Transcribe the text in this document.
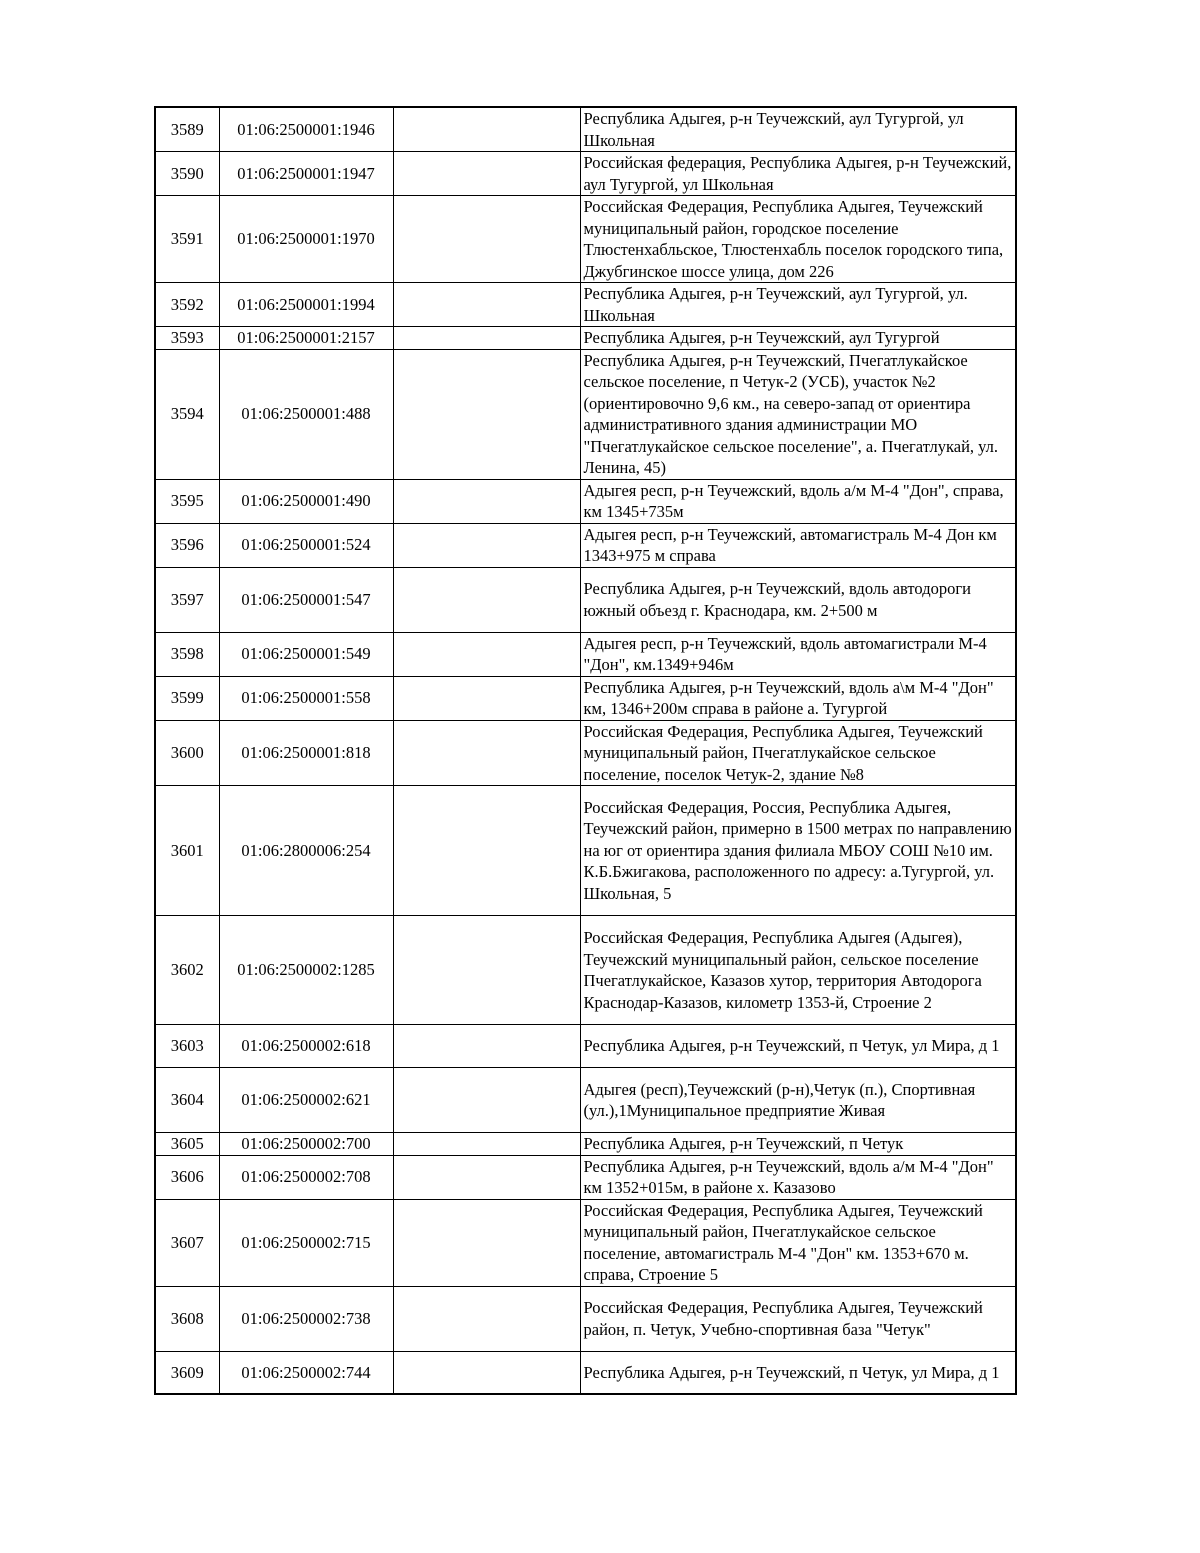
3589	01:06:2500001:1946		Республика Адыгея, р-н Теучежский, аул Тугургой, ул Школьная
3590	01:06:2500001:1947		Российская федерация, Республика Адыгея, р-н Теучежский, аул Тугургой, ул Школьная
3591	01:06:2500001:1970		Российская Федерация, Республика Адыгея, Теучежский муниципальный район, городское поселение Тлюстенхабльское, Тлюстенхабль поселок городского типа, Джубгинское шоссе улица, дом 226
3592	01:06:2500001:1994		Республика Адыгея, р-н Теучежский, аул Тугургой, ул. Школьная
3593	01:06:2500001:2157		Республика Адыгея, р-н Теучежский, аул Тугургой
3594	01:06:2500001:488		Республика Адыгея, р-н Теучежский, Пчегатлукайское сельское поселение, п Четук-2 (УСБ), участок №2 (ориентировочно 9,6 км., на северо-запад от ориентира административного здания администрации МО "Пчегатлукайское сельское поселение", а. Пчегатлукай, ул. Ленина, 45)
3595	01:06:2500001:490		Адыгея респ, р-н Теучежский, вдоль а/м М-4 "Дон", справа, км 1345+735м
3596	01:06:2500001:524		Адыгея респ, р-н Теучежский, автомагистраль М-4 Дон км 1343+975 м справа
3597	01:06:2500001:547		Республика Адыгея, р-н Теучежский, вдоль автодороги южный объезд г. Краснодара, км. 2+500 м
3598	01:06:2500001:549		Адыгея респ, р-н Теучежский, вдоль автомагистрали М-4 "Дон", км.1349+946м
3599	01:06:2500001:558		Республика Адыгея, р-н Теучежский, вдоль а\м М-4 "Дон" км, 1346+200м справа в районе а. Тугургой
3600	01:06:2500001:818		Российская Федерация, Республика Адыгея, Теучежский муниципальный район, Пчегатлукайское сельское поселение, поселок Четук-2, здание №8
3601	01:06:2800006:254		Российская Федерация, Россия, Республика Адыгея, Теучежский район, примерно в 1500 метрах по направлению на юг от ориентира здания филиала МБОУ СОШ №10 им. К.Б.Бжигакова, расположенного по адресу: а.Тугургой, ул. Школьная, 5
3602	01:06:2500002:1285		Российская Федерация, Республика Адыгея (Адыгея), Теучежский муниципальный район, сельское поселение Пчегатлукайское, Казазов хутор, территория Автодорога Краснодар-Казазов, километр 1353-й, Строение 2
3603	01:06:2500002:618		Республика Адыгея, р-н Теучежский, п Четук, ул Мира, д 1
3604	01:06:2500002:621		Адыгея (респ),Теучежский (р-н),Четук (п.), Спортивная (ул.),1Муниципальное предприятие Живая
3605	01:06:2500002:700		Республика Адыгея, р-н Теучежский, п Четук
3606	01:06:2500002:708		Республика Адыгея, р-н Теучежский, вдоль а/м М-4 "Дон" км 1352+015м, в районе х. Казазово
3607	01:06:2500002:715		Российская Федерация, Республика Адыгея, Теучежский муниципальный район, Пчегатлукайское сельское поселение, автомагистраль М-4 "Дон" км. 1353+670 м. справа, Строение 5
3608	01:06:2500002:738		Российская Федерация, Республика Адыгея, Теучежский район, п. Четук, Учебно-спортивная база "Четук"
3609	01:06:2500002:744		Республика Адыгея, р-н Теучежский, п Четук, ул Мира, д 1
